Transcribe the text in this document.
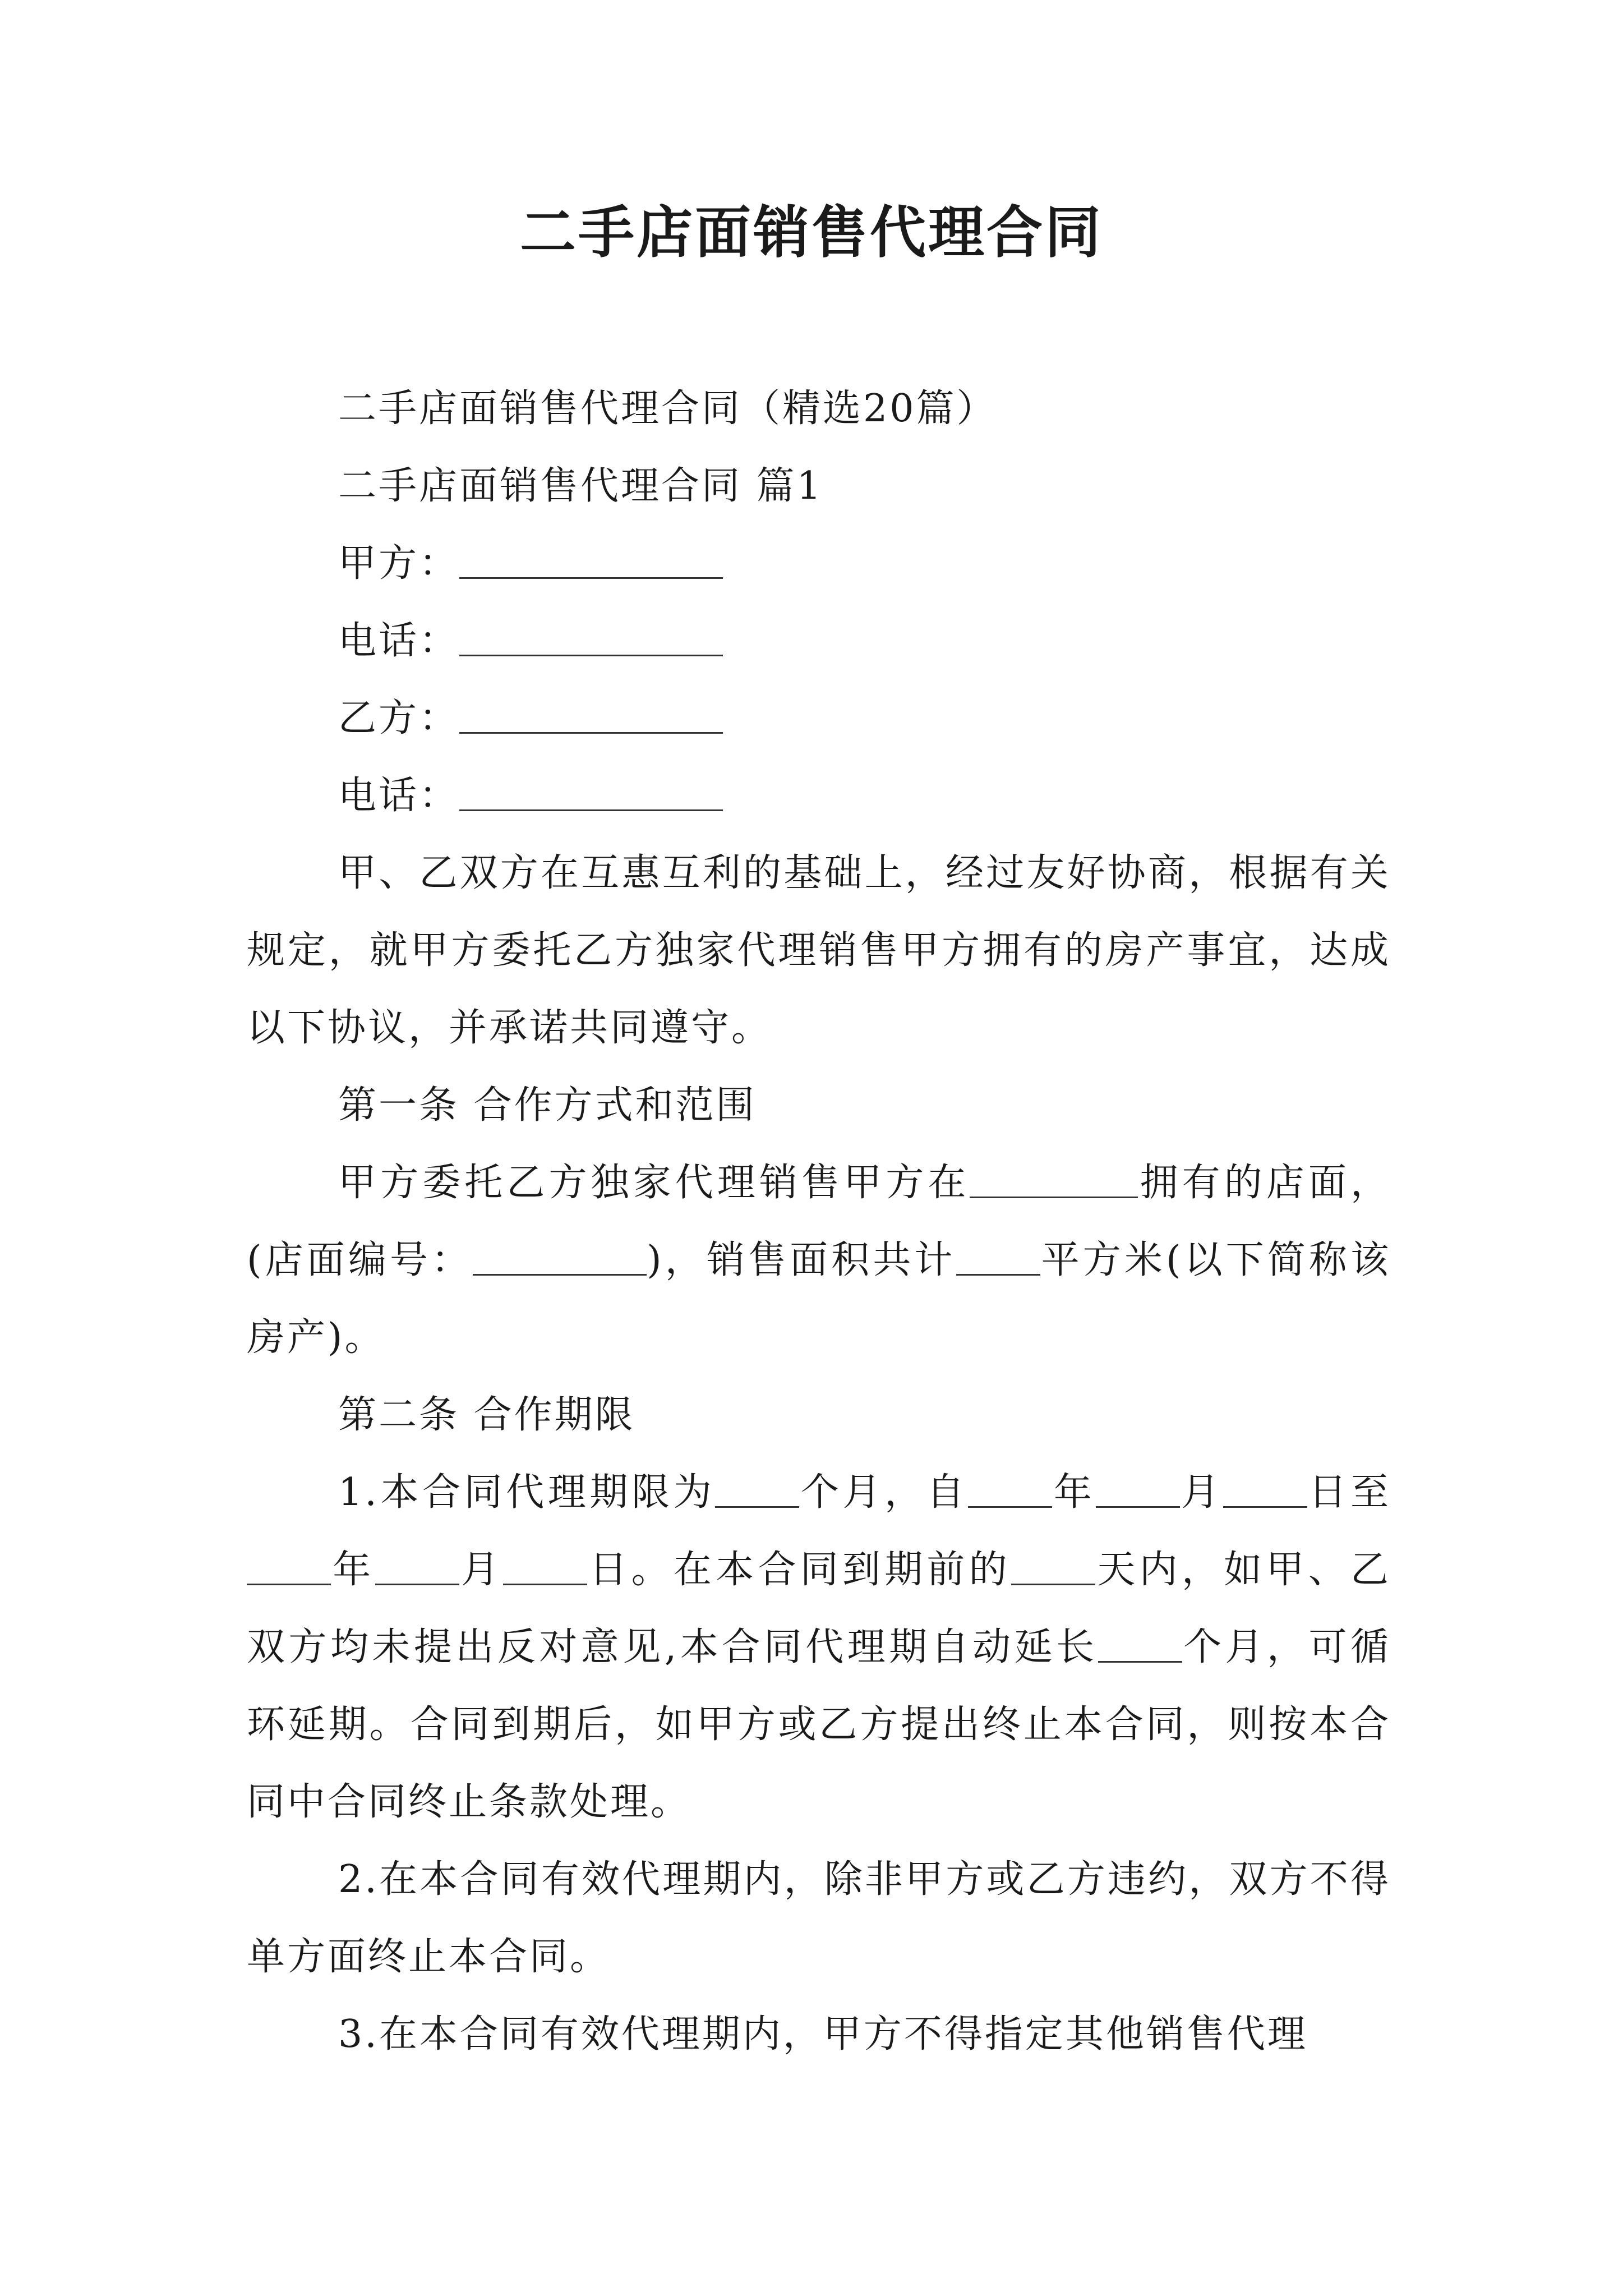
二手店面销售代理合同

二手店面销售代理合同（精选20篇）

二手店面销售代理合同 篇1

甲方：

电话：

乙方：

电话：

甲、乙双方在互惠互利的基础上，经过友好协商，根据有关规定，就甲方委托乙方独家代理销售甲方拥有的房产事宜，达成以下协议，并承诺共同遵守。

第一条 合作方式和范围

甲方委托乙方独家代理销售甲方在	拥有的店面，(店面编号：	)，销售面积共计 平方米(以下简称该房产)。

第二条 合作期限

1.本合同代理期限为 个月，自 年 月 日至年 月 日。在本合同到期前的 天内，如甲、乙双方均未提出反对意见,本合同代理期自动延长 个月，可循环延期。合同到期后，如甲方或乙方提出终止本合同，则按本合同中合同终止条款处理。

2.在本合同有效代理期内，除非甲方或乙方违约，双方不得单方面终止本合同。

3.在本合同有效代理期内，甲方不得指定其他销售代理
